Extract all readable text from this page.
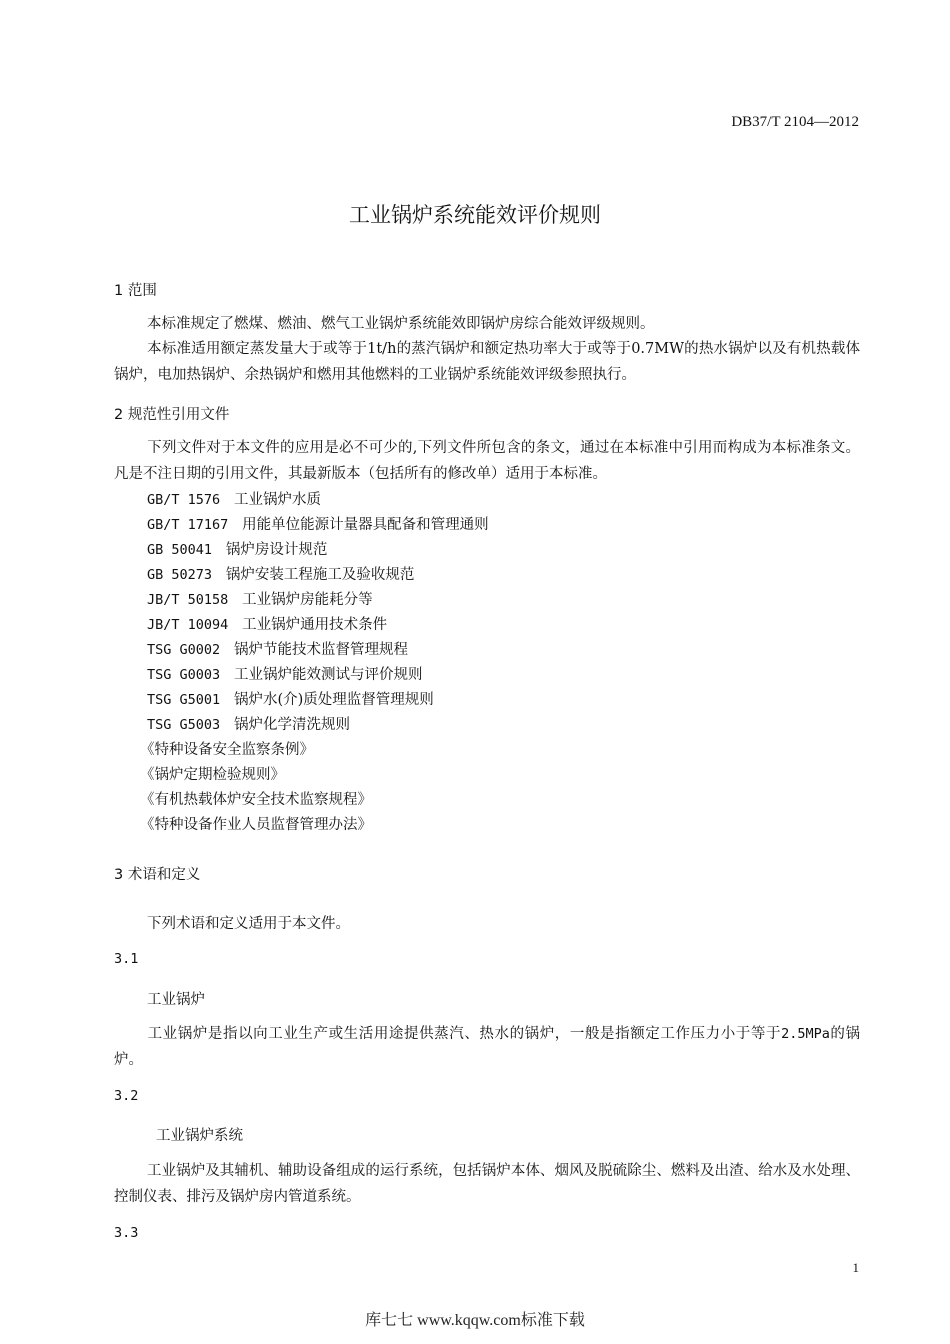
DB37/T 2104—2012
工业锅炉系统能效评价规则
1 范围
本标准规定了燃煤、燃油、燃气工业锅炉系统能效即锅炉房综合能效评级规则。
本标准适用额定蒸发量大于或等于1t/h的蒸汽锅炉和额定热功率大于或等于0.7MW的热水锅炉以及有机热载体锅炉，电加热锅炉、余热锅炉和燃用其他燃料的工业锅炉系统能效评级参照执行。
2 规范性引用文件
下列文件对于本文件的应用是必不可少的,下列文件所包含的条文，通过在本标准中引用而构成为本标准条文。凡是不注日期的引用文件，其最新版本（包括所有的修改单）适用于本标准。
GB/T 1576 工业锅炉水质
GB/T 17167 用能单位能源计量器具配备和管理通则
GB 50041 锅炉房设计规范
GB 50273 锅炉安装工程施工及验收规范
JB/T 50158 工业锅炉房能耗分等
JB/T 10094 工业锅炉通用技术条件
TSG G0002 锅炉节能技术监督管理规程
TSG G0003 工业锅炉能效测试与评价规则
TSG G5001 锅炉水(介)质处理监督管理规则
TSG G5003 锅炉化学清洗规则
《特种设备安全监察条例》
《锅炉定期检验规则》
《有机热载体炉安全技术监察规程》
《特种设备作业人员监督管理办法》
3 术语和定义
下列术语和定义适用于本文件。
3.1
工业锅炉
工业锅炉是指以向工业生产或生活用途提供蒸汽、热水的锅炉，一般是指额定工作压力小于等于2.5MPa的锅炉。
3.2
工业锅炉系统
工业锅炉及其辅机、辅助设备组成的运行系统，包括锅炉本体、烟风及脱硫除尘、燃料及出渣、给水及水处理、控制仪表、排污及锅炉房内管道系统。
3.3
1
库七七 www.kqqw.com标准下载
